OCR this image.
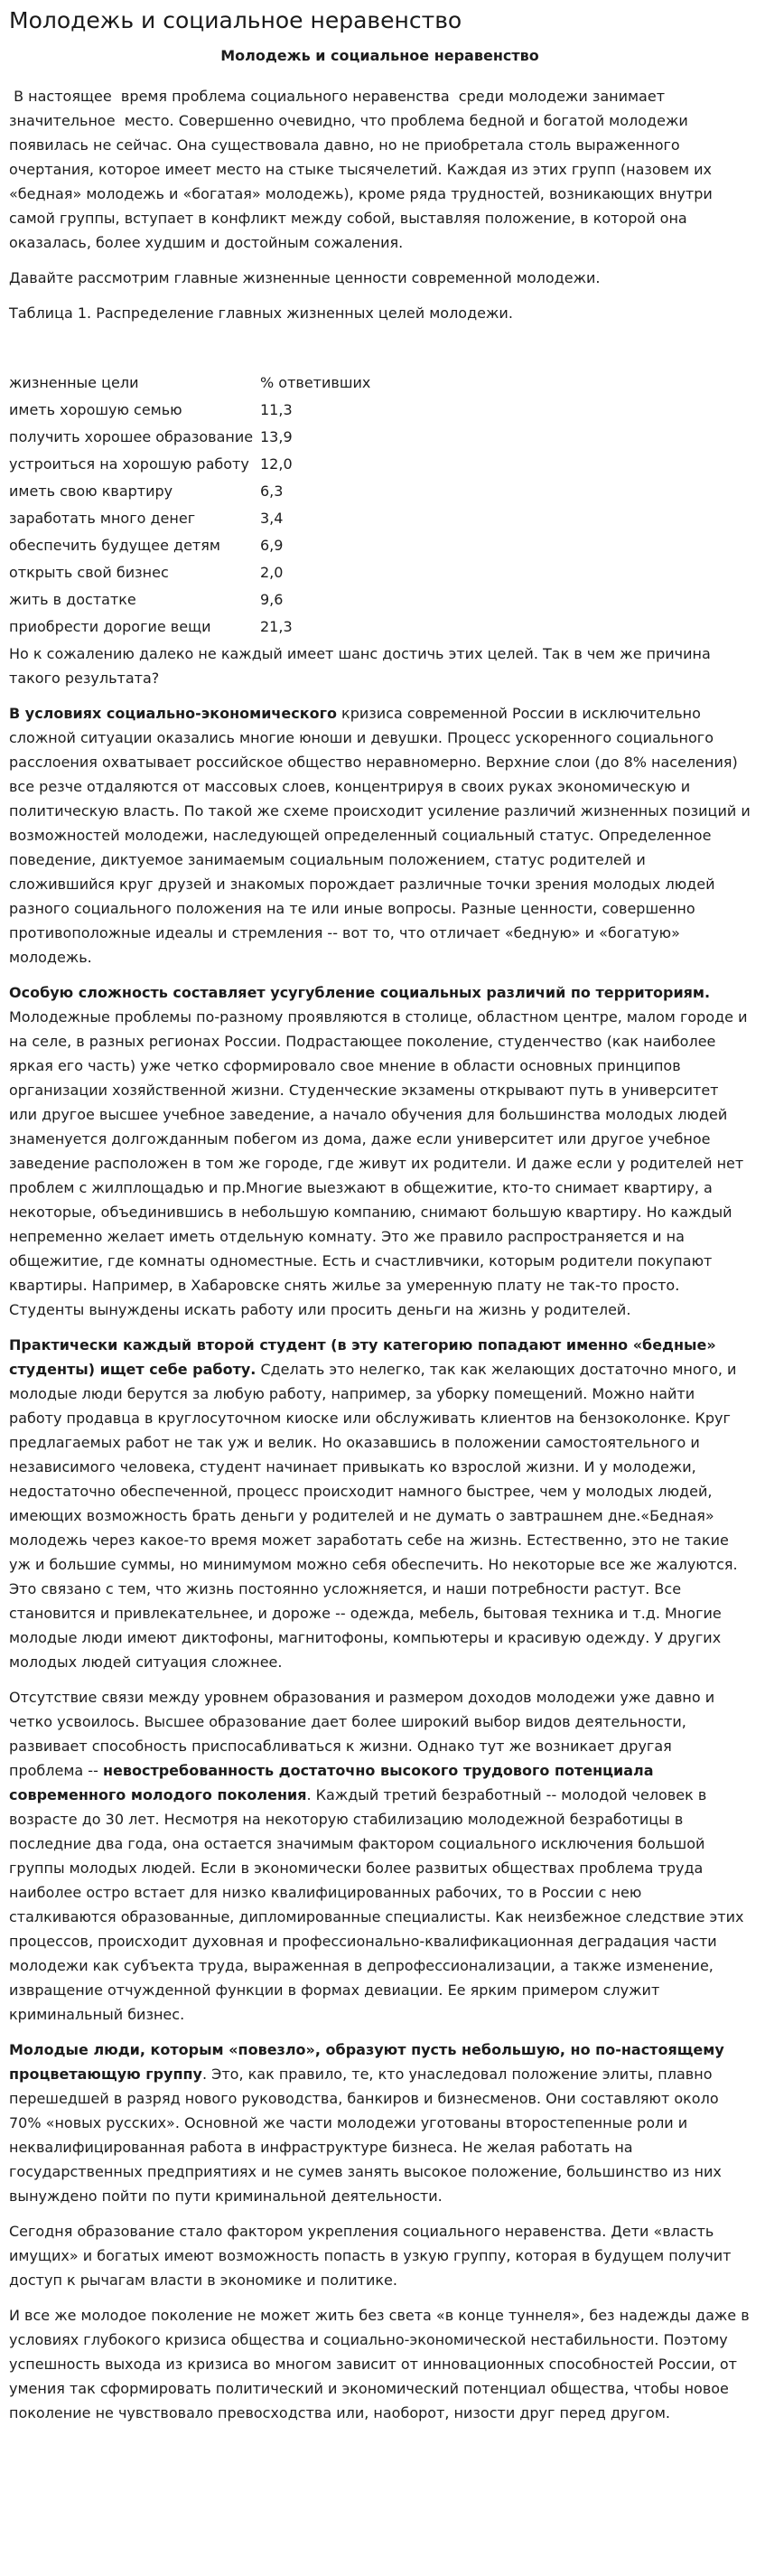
Молодежь и социальное неравенство
Молодежь и социальное неравенство

В настоящее  время проблема социального неравенства  среди молодежи занимает значительное  место. Совершенно очевидно, что проблема бедной и богатой молодежи появилась не сейчас. Она существовала давно, но не приобретала столь выраженного очертания, которое имеет место на стыке тысячелетий. Каждая из этих групп (назовем их «бедная» молодежь и «богатая» молодежь), кроме ряда трудностей, возникающих внутри самой группы, вступает в конфликт между собой, выставляя положение, в которой она оказалась, более худшим и достойным сожаления.

Давайте рассмотрим главные жизненные ценности современной молодежи.

Таблица 1. Распределение главных жизненных целей молодежи.

жизненные цели	% ответивших
иметь хорошую семью	11,3
получить хорошее образование	13,9
устроиться на хорошую работу	12,0
иметь свою квартиру	6,3
заработать много денег	3,4
обеспечить будущее детям	6,9
открыть свой бизнес	2,0
жить в достатке	9,6
приобрести дорогие вещи	21,3

Но к сожалению далеко не каждый имеет шанс достичь этих целей. Так в чем же причина такого результата?

В условиях социально-экономического кризиса современной России в исключительно сложной ситуации оказались многие юноши и девушки. Процесс ускоренного социального расслоения охватывает российское общество неравномерно. Верхние слои (до 8% населения) все резче отдаляются от массовых слоев, концентрируя в своих руках экономическую и политическую власть. По такой же схеме происходит усиление различий жизненных позиций и возможностей молодежи, наследующей определенный социальный статус. Определенное поведение, диктуемое занимаемым социальным положением, статус родителей и сложившийся круг друзей и знакомых порождает различные точки зрения молодых людей разного социального положения на те или иные вопросы. Разные ценности, совершенно противоположные идеалы и стремления -- вот то, что отличает «бедную» и «богатую» молодежь.

Особую сложность составляет усугубление социальных различий по территориям. Молодежные проблемы по-разному проявляются в столице, областном центре, малом городе и на селе, в разных регионах России. Подрастающее поколение, студенчество (как наиболее яркая его часть) уже четко сформировало свое мнение в области основных принципов организации хозяйственной жизни. Студенческие экзамены открывают путь в университет или другое высшее учебное заведение, а начало обучения для большинства молодых людей знаменуется долгожданным побегом из дома, даже если университет или другое учебное заведение расположен в том же городе, где живут их родители. И даже если у родителей нет проблем с жилплощадью и пр.Многие выезжают в общежитие, кто-то снимает квартиру, а некоторые, объединившись в небольшую компанию, снимают большую квартиру. Но каждый непременно желает иметь отдельную комнату. Это же правило распространяется и на общежитие, где комнаты одноместные. Есть и счастливчики, которым родители покупают квартиры. Например, в Хабаровске снять жилье за умеренную плату не так-то просто. Студенты вынуждены искать работу или просить деньги на жизнь у родителей.

Практически каждый второй студент (в эту категорию попадают именно «бедные» студенты) ищет себе работу. Сделать это нелегко, так как желающих достаточно много, и молодые люди берутся за любую работу, например, за уборку помещений. Можно найти работу продавца в круглосуточном киоске или обслуживать клиентов на бензоколонке. Круг предлагаемых работ не так уж и велик. Но оказавшись в положении самостоятельного и независимого человека, студент начинает привыкать ко взрослой жизни. И у молодежи, недостаточно обеспеченной, процесс происходит намного быстрее, чем у молодых людей, имеющих возможность брать деньги у родителей и не думать о завтрашнем дне.«Бедная» молодежь через какое-то время может заработать себе на жизнь. Естественно, это не такие уж и большие суммы, но минимумом можно себя обеспечить. Но некоторые все же жалуются. Это связано с тем, что жизнь постоянно усложняется, и наши потребности растут. Все становится и привлекательнее, и дороже -- одежда, мебель, бытовая техника и т.д. Многие молодые люди имеют диктофоны, магнитофоны, компьютеры и красивую одежду. У других молодых людей ситуация сложнее.

Отсутствие связи между уровнем образования и размером доходов молодежи уже давно и четко усвоилось. Высшее образование дает более широкий выбор видов деятельности, развивает способность приспосабливаться к жизни. Однако тут же возникает другая проблема -- невостребованность достаточно высокого трудового потенциала современного молодого поколения. Каждый третий безработный -- молодой человек в возрасте до 30 лет. Несмотря на некоторую стабилизацию молодежной безработицы в последние два года, она остается значимым фактором социального исключения большой группы молодых людей. Если в экономически более развитых обществах проблема труда наиболее остро встает для низко квалифицированных рабочих, то в России с нею сталкиваются образованные, дипломированные специалисты. Как неизбежное следствие этих процессов, происходит духовная и профессионально-квалификационная деградация части молодежи как субъекта труда, выраженная в депрофессионализации, а также изменение, извращение отчужденной функции в формах девиации. Ее ярким примером служит криминальный бизнес.

Молодые люди, которым «повезло», образуют пусть небольшую, но по-настоящему процветающую группу. Это, как правило, те, кто унаследовал положение элиты, плавно перешедшей в разряд нового руководства, банкиров и бизнесменов. Они составляют около 70% «новых русских». Основной же части молодежи уготованы второстепенные роли и неквалифицированная работа в инфраструктуре бизнеса. Не желая работать на государственных предприятиях и не сумев занять высокое положение, большинство из них вынуждено пойти по пути криминальной деятельности.

Сегодня образование стало фактором укрепления социального неравенства. Дети «власть имущих» и богатых имеют возможность попасть в узкую группу, которая в будущем получит доступ к рычагам власти в экономике и политике.

И все же молодое поколение не может жить без света «в конце туннеля», без надежды даже в условиях глубокого кризиса общества и социально-экономической нестабильности. Поэтому успешность выхода из кризиса во многом зависит от инновационных способностей России, от умения так сформировать политический и экономический потенциал общества, чтобы новое поколение не чувствовало превосходства или, наоборот, низости друг перед другом.
